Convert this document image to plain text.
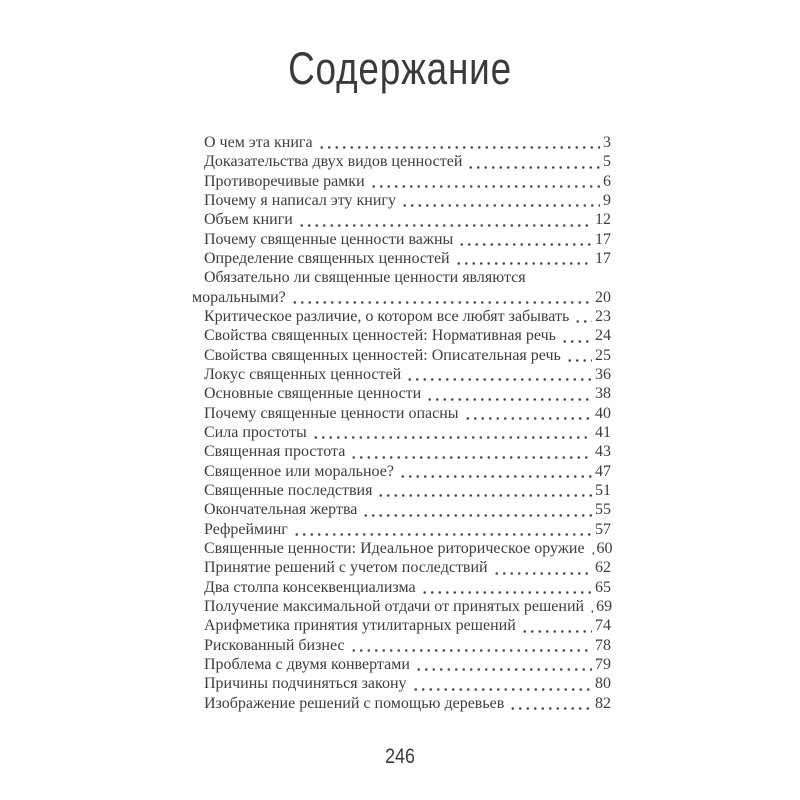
Содержание
О чем эта книга	3
Доказательства двух видов ценностей	5
Противоречивые рамки	6
Почему я написал эту книгу	9
Объем книги	12
Почему священные ценности важны	17
Определение священных ценностей	17
Обязательно ли священные ценности являются
моральными?	20
Критическое различие, о котором все любят забывать 23
Свойства священных ценностей: Нормативная речь 24
Свойства священных ценностей: Описательная речь 25
Локус священных ценностей	36
Основные священные ценности	38
Почему священные ценности опасны	40
Сила простоты	41
Священная простота	43
Священное или моральное?	47
Священные последствия	51
Окончательная жертва	55
Рефрейминг	57
Священные ценности: Идеальное риторическое оружие 60
Принятие решений с учетом последствий	62
Два столпа консеквенциализма	65
Получение максимальной отдачи от принятых решений 69
Арифметика принятия утилитарных решений	74
Рискованный бизнес	78
Проблема с двумя конвертами	79
Причины подчиняться закону	80
Изображение решений с помощью деревьев	82
246
